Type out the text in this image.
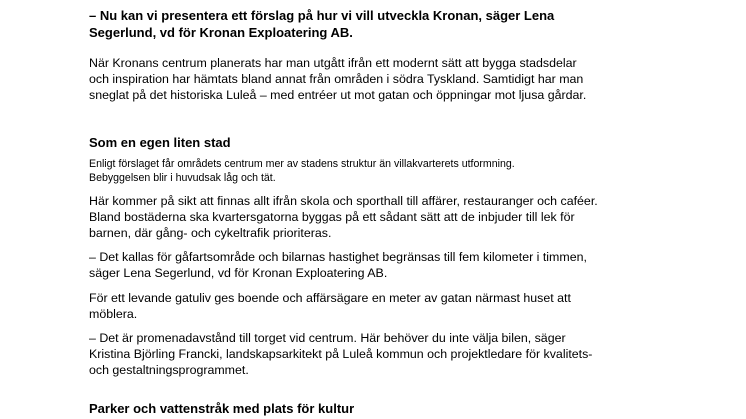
– Nu kan vi presentera ett förslag på hur vi vill utveckla Kronan, säger Lena
Segerlund, vd för Kronan Exploatering AB.

När Kronans centrum planerats har man utgått ifrån ett modernt sätt att bygga stadsdelar
och inspiration har hämtats bland annat från områden i södra Tyskland. Samtidigt har man
sneglat på det historiska Luleå – med entréer ut mot gatan och öppningar mot ljusa gårdar.

Som en egen liten stad

Enligt förslaget får områdets centrum mer av stadens struktur än villakvarterets utformning.
Bebyggelsen blir i huvudsak låg och tät.

Här kommer på sikt att finnas allt ifrån skola och sporthall till affärer, restauranger och caféer.
Bland bostäderna ska kvartersgatorna byggas på ett sådant sätt att de inbjuder till lek för
barnen, där gång- och cykeltrafik prioriteras.

– Det kallas för gåfartsområde och bilarnas hastighet begränsas till fem kilometer i timmen,
säger Lena Segerlund, vd för Kronan Exploatering AB.

För ett levande gatuliv ges boende och affärsägare en meter av gatan närmast huset att
möblera.

– Det är promenadavstånd till torget vid centrum. Här behöver du inte välja bilen, säger
Kristina Björling Francki, landskapsarkitekt på Luleå kommun och projektledare för kvalitets-
och gestaltningsprogrammet.

Parker och vattenstråk med plats för kultur
